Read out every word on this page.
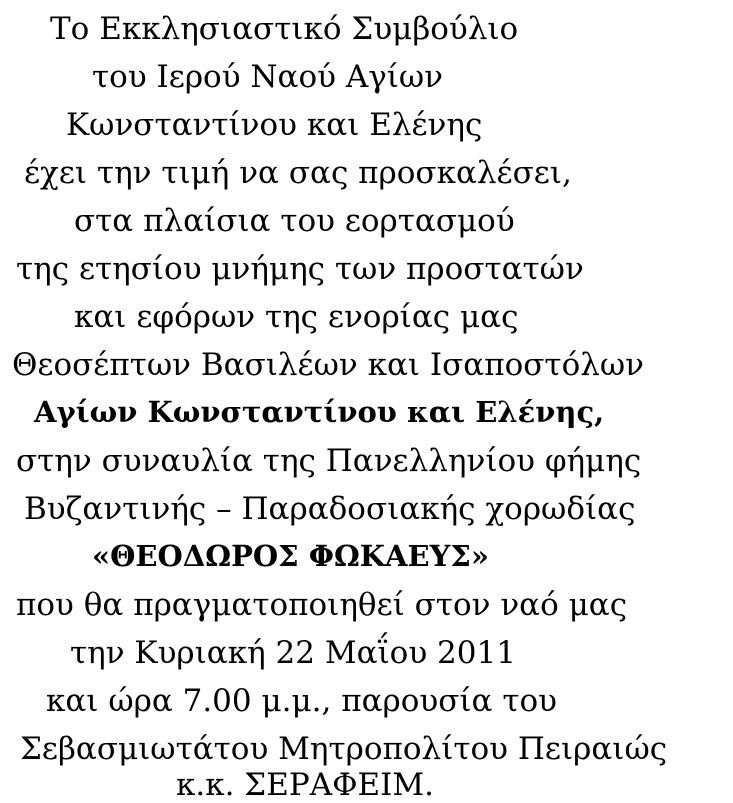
Το Εκκλησιαστικό Συμβούλιο
του Ιερού Ναού Αγίων
Κωνσταντίνου και Ελένης
έχει την τιμή να σας προσκαλέσει,
στα πλαίσια του εορτασμού
της ετησίου μνήμης των προστατών
και εφόρων της ενορίας μας
Θεοσέπτων Βασιλέων και Ισαποστόλων
Αγίων Κωνσταντίνου και Ελένης,
στην συναυλία της Πανελληνίου φήμης
Βυζαντινής – Παραδοσιακής χορωδίας
«ΘΕΟΔΩΡΟΣ ΦΩΚΑΕΥΣ»
που θα πραγματοποιηθεί στον ναό μας
την Κυριακή 22 Μαΐου 2011
και ώρα 7.00 μ.μ., παρουσία του
Σεβασμιωτάτου Μητροπολίτου Πειραιώς
κ.κ. ΣΕΡΑΦΕΙΜ.
